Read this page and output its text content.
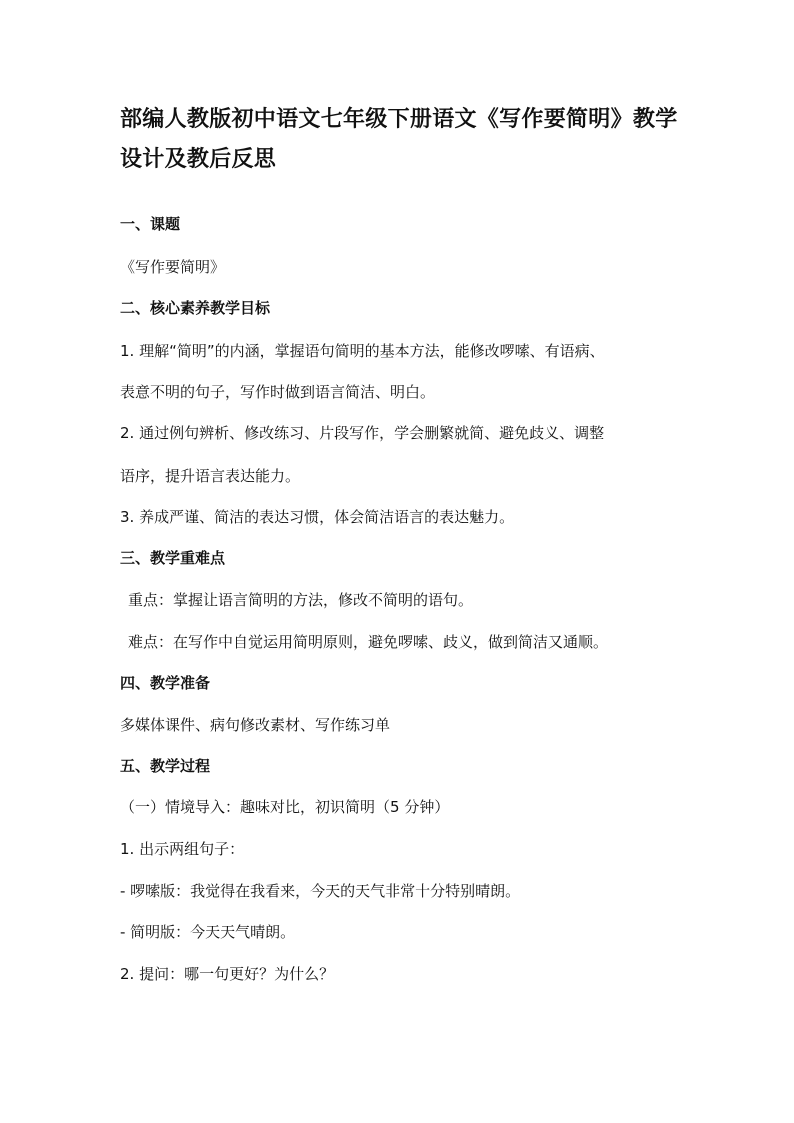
部编人教版初中语文七年级下册语文《写作要简明》教学设计及教后反思

一、课题

《写作要简明》

二、核心素养教学目标

1. 理解“简明”的内涵，掌握语句简明的基本方法，能修改啰嗦、有语病、

表意不明的句子，写作时做到语言简洁、明白。

2. 通过例句辨析、修改练习、片段写作，学会删繁就简、避免歧义、调整

语序，提升语言表达能力。

3. 养成严谨、简洁的表达习惯，体会简洁语言的表达魅力。

三、教学重难点

重点：掌握让语言简明的方法，修改不简明的语句。

难点：在写作中自觉运用简明原则，避免啰嗦、歧义，做到简洁又通顺。

四、教学准备

多媒体课件、病句修改素材、写作练习单

五、教学过程

（一）情境导入：趣味对比，初识简明（5 分钟）

1. 出示两组句子：

- 啰嗦版：我觉得在我看来，今天的天气非常十分特别晴朗。

- 简明版：今天天气晴朗。

2. 提问：哪一句更好？为什么？
